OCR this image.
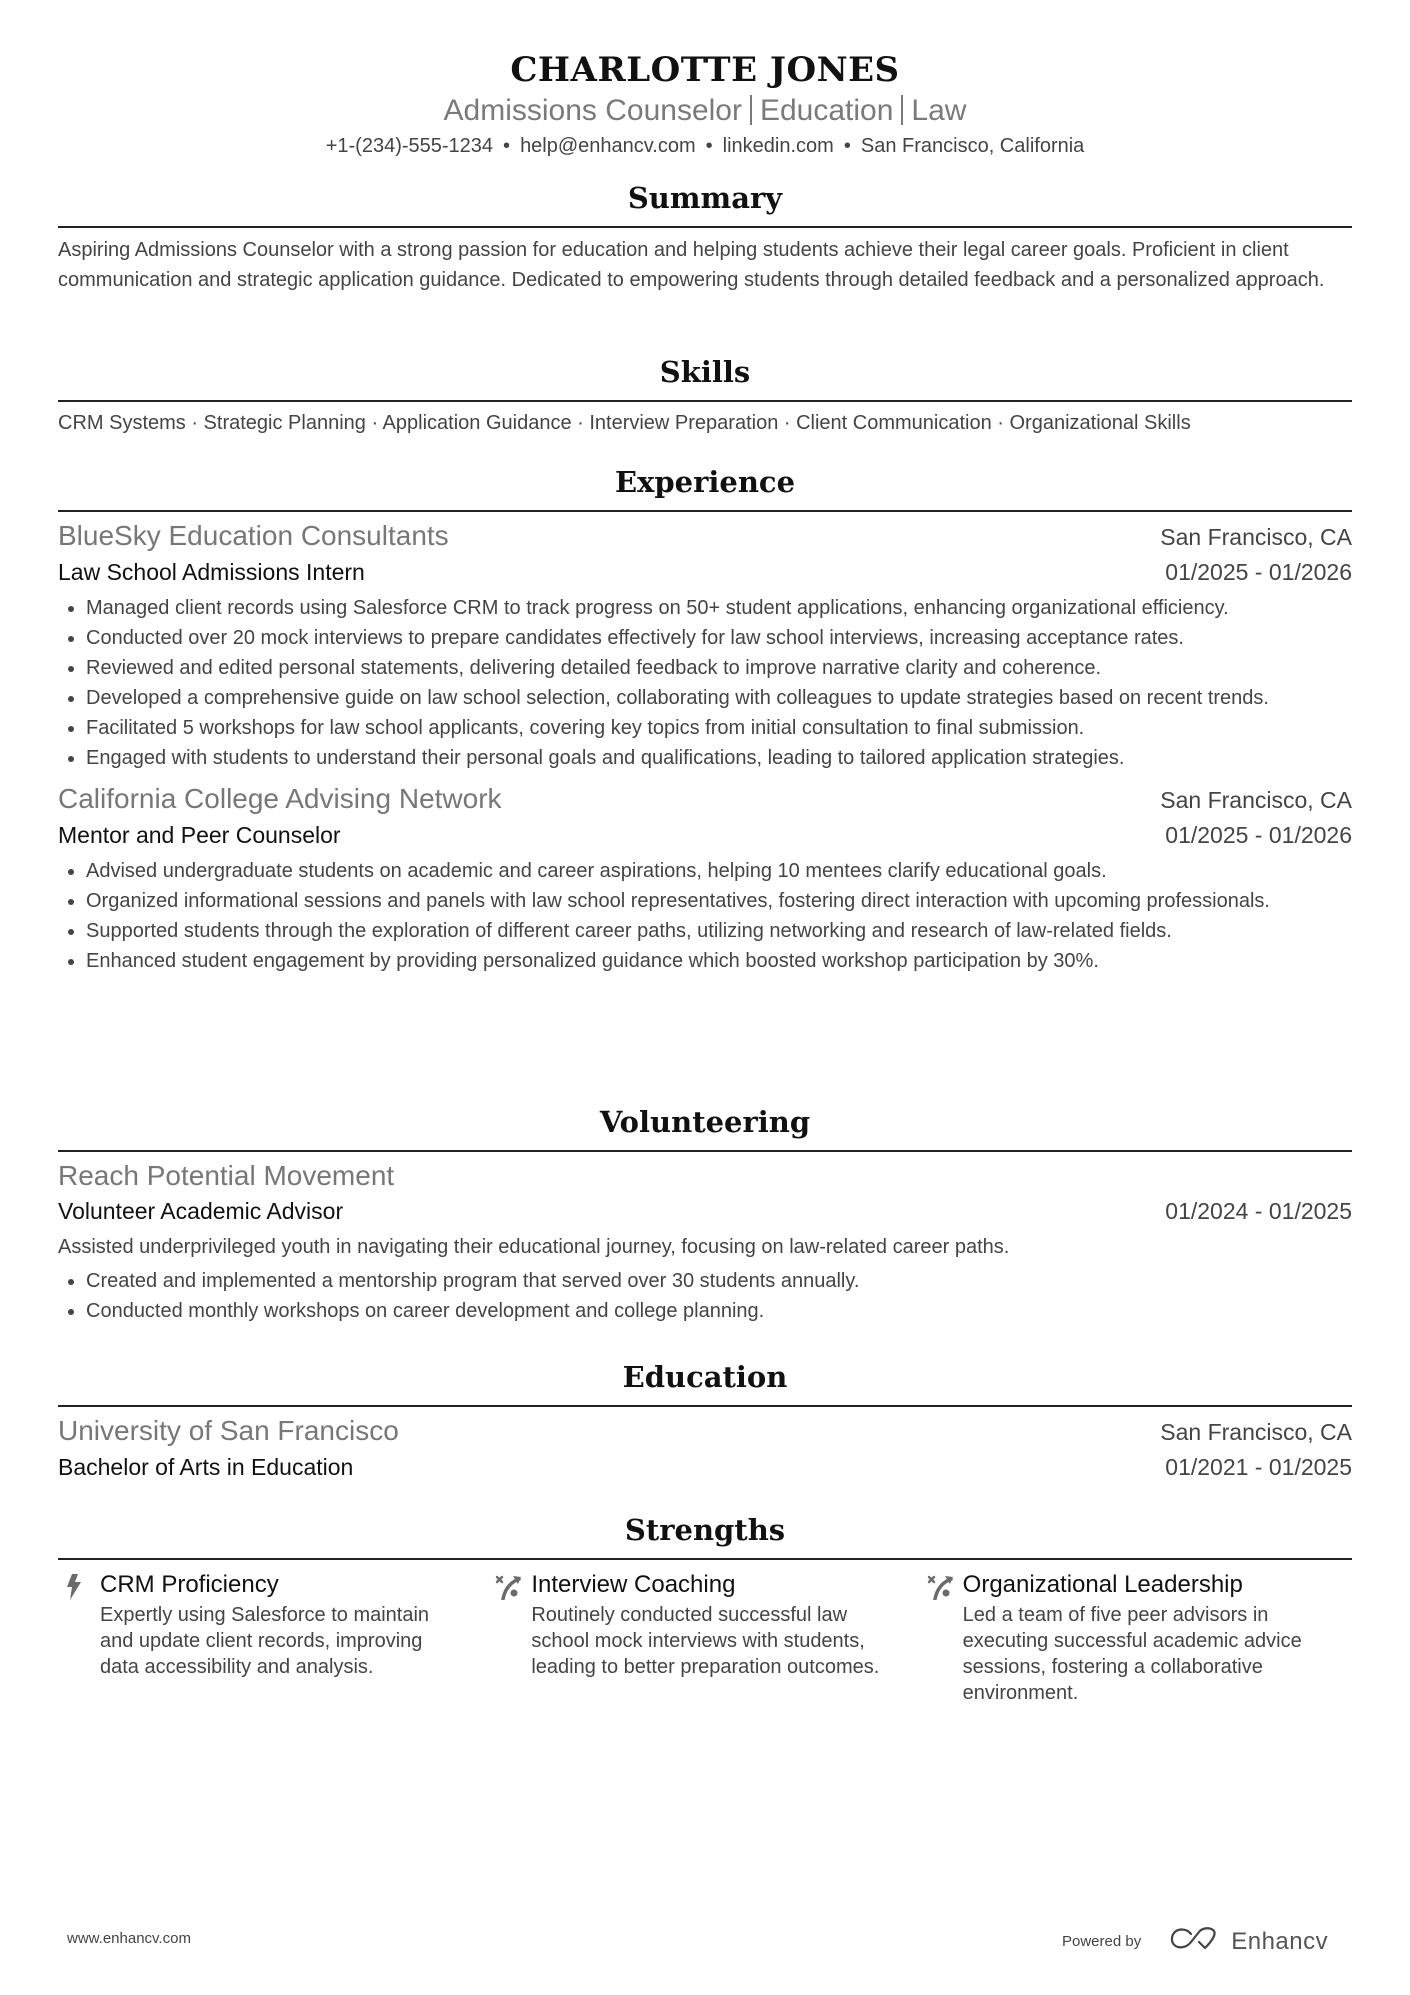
CHARLOTTE JONES
Admissions Counselor Education Law
+1-(234)-555-1234 • help@enhancv.com • linkedin.com • San Francisco, California
Summary
Aspiring Admissions Counselor with a strong passion for education and helping students achieve their legal career goals. Proficient in client communication and strategic application guidance. Dedicated to empowering students through detailed feedback and a personalized approach.
Skills
CRM Systems · Strategic Planning · Application Guidance · Interview Preparation · Client Communication · Organizational Skills
Experience
BlueSky Education Consultants	San Francisco, CA
Law School Admissions Intern	01/2025 - 01/2026
Managed client records using Salesforce CRM to track progress on 50+ student applications, enhancing organizational efficiency.
Conducted over 20 mock interviews to prepare candidates effectively for law school interviews, increasing acceptance rates.
Reviewed and edited personal statements, delivering detailed feedback to improve narrative clarity and coherence.
Developed a comprehensive guide on law school selection, collaborating with colleagues to update strategies based on recent trends.
Facilitated 5 workshops for law school applicants, covering key topics from initial consultation to final submission.
Engaged with students to understand their personal goals and qualifications, leading to tailored application strategies.
California College Advising Network	San Francisco, CA
Mentor and Peer Counselor	01/2025 - 01/2026
Advised undergraduate students on academic and career aspirations, helping 10 mentees clarify educational goals.
Organized informational sessions and panels with law school representatives, fostering direct interaction with upcoming professionals.
Supported students through the exploration of different career paths, utilizing networking and research of law-related fields.
Enhanced student engagement by providing personalized guidance which boosted workshop participation by 30%.
Volunteering
Reach Potential Movement
Volunteer Academic Advisor	01/2024 - 01/2025
Assisted underprivileged youth in navigating their educational journey, focusing on law-related career paths.
Created and implemented a mentorship program that served over 30 students annually.
Conducted monthly workshops on career development and college planning.
Education
University of San Francisco	San Francisco, CA
Bachelor of Arts in Education	01/2021 - 01/2025
Strengths
CRM Proficiency
Expertly using Salesforce to maintain and update client records, improving data accessibility and analysis.
Interview Coaching
Routinely conducted successful law school mock interviews with students, leading to better preparation outcomes.
Organizational Leadership
Led a team of five peer advisors in executing successful academic advice sessions, fostering a collaborative environment.
www.enhancv.com	Powered by	Enhancv
